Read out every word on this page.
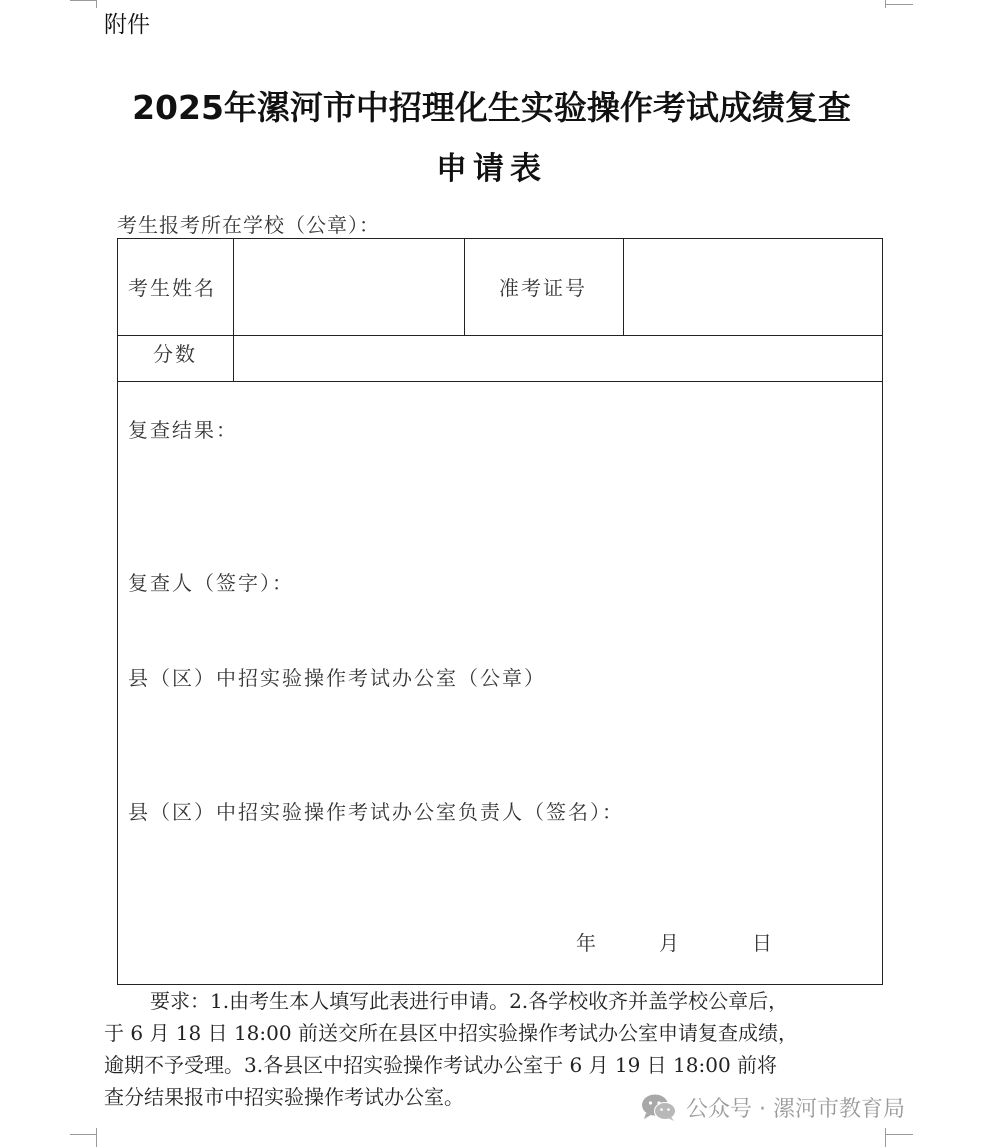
附件
2025年漯河市中招理化生实验操作考试成绩复查
申请表
考生报考所在学校（公章）：
考生姓名	准考证号
分数
复查结果：
复查人（签字）：
县（区）中招实验操作考试办公室（公章）
县（区）中招实验操作考试办公室负责人（签名）：
年	月	日
要求：1.由考生本人填写此表进行申请。2.各学校收齐并盖学校公章后，
于 6 月 18 日 18:00 前送交所在县区中招实验操作考试办公室申请复查成绩，
逾期不予受理。3.各县区中招实验操作考试办公室于 6 月 19 日 18:00 前将
查分结果报市中招实验操作考试办公室。	公众号 · 漯河市教育局
